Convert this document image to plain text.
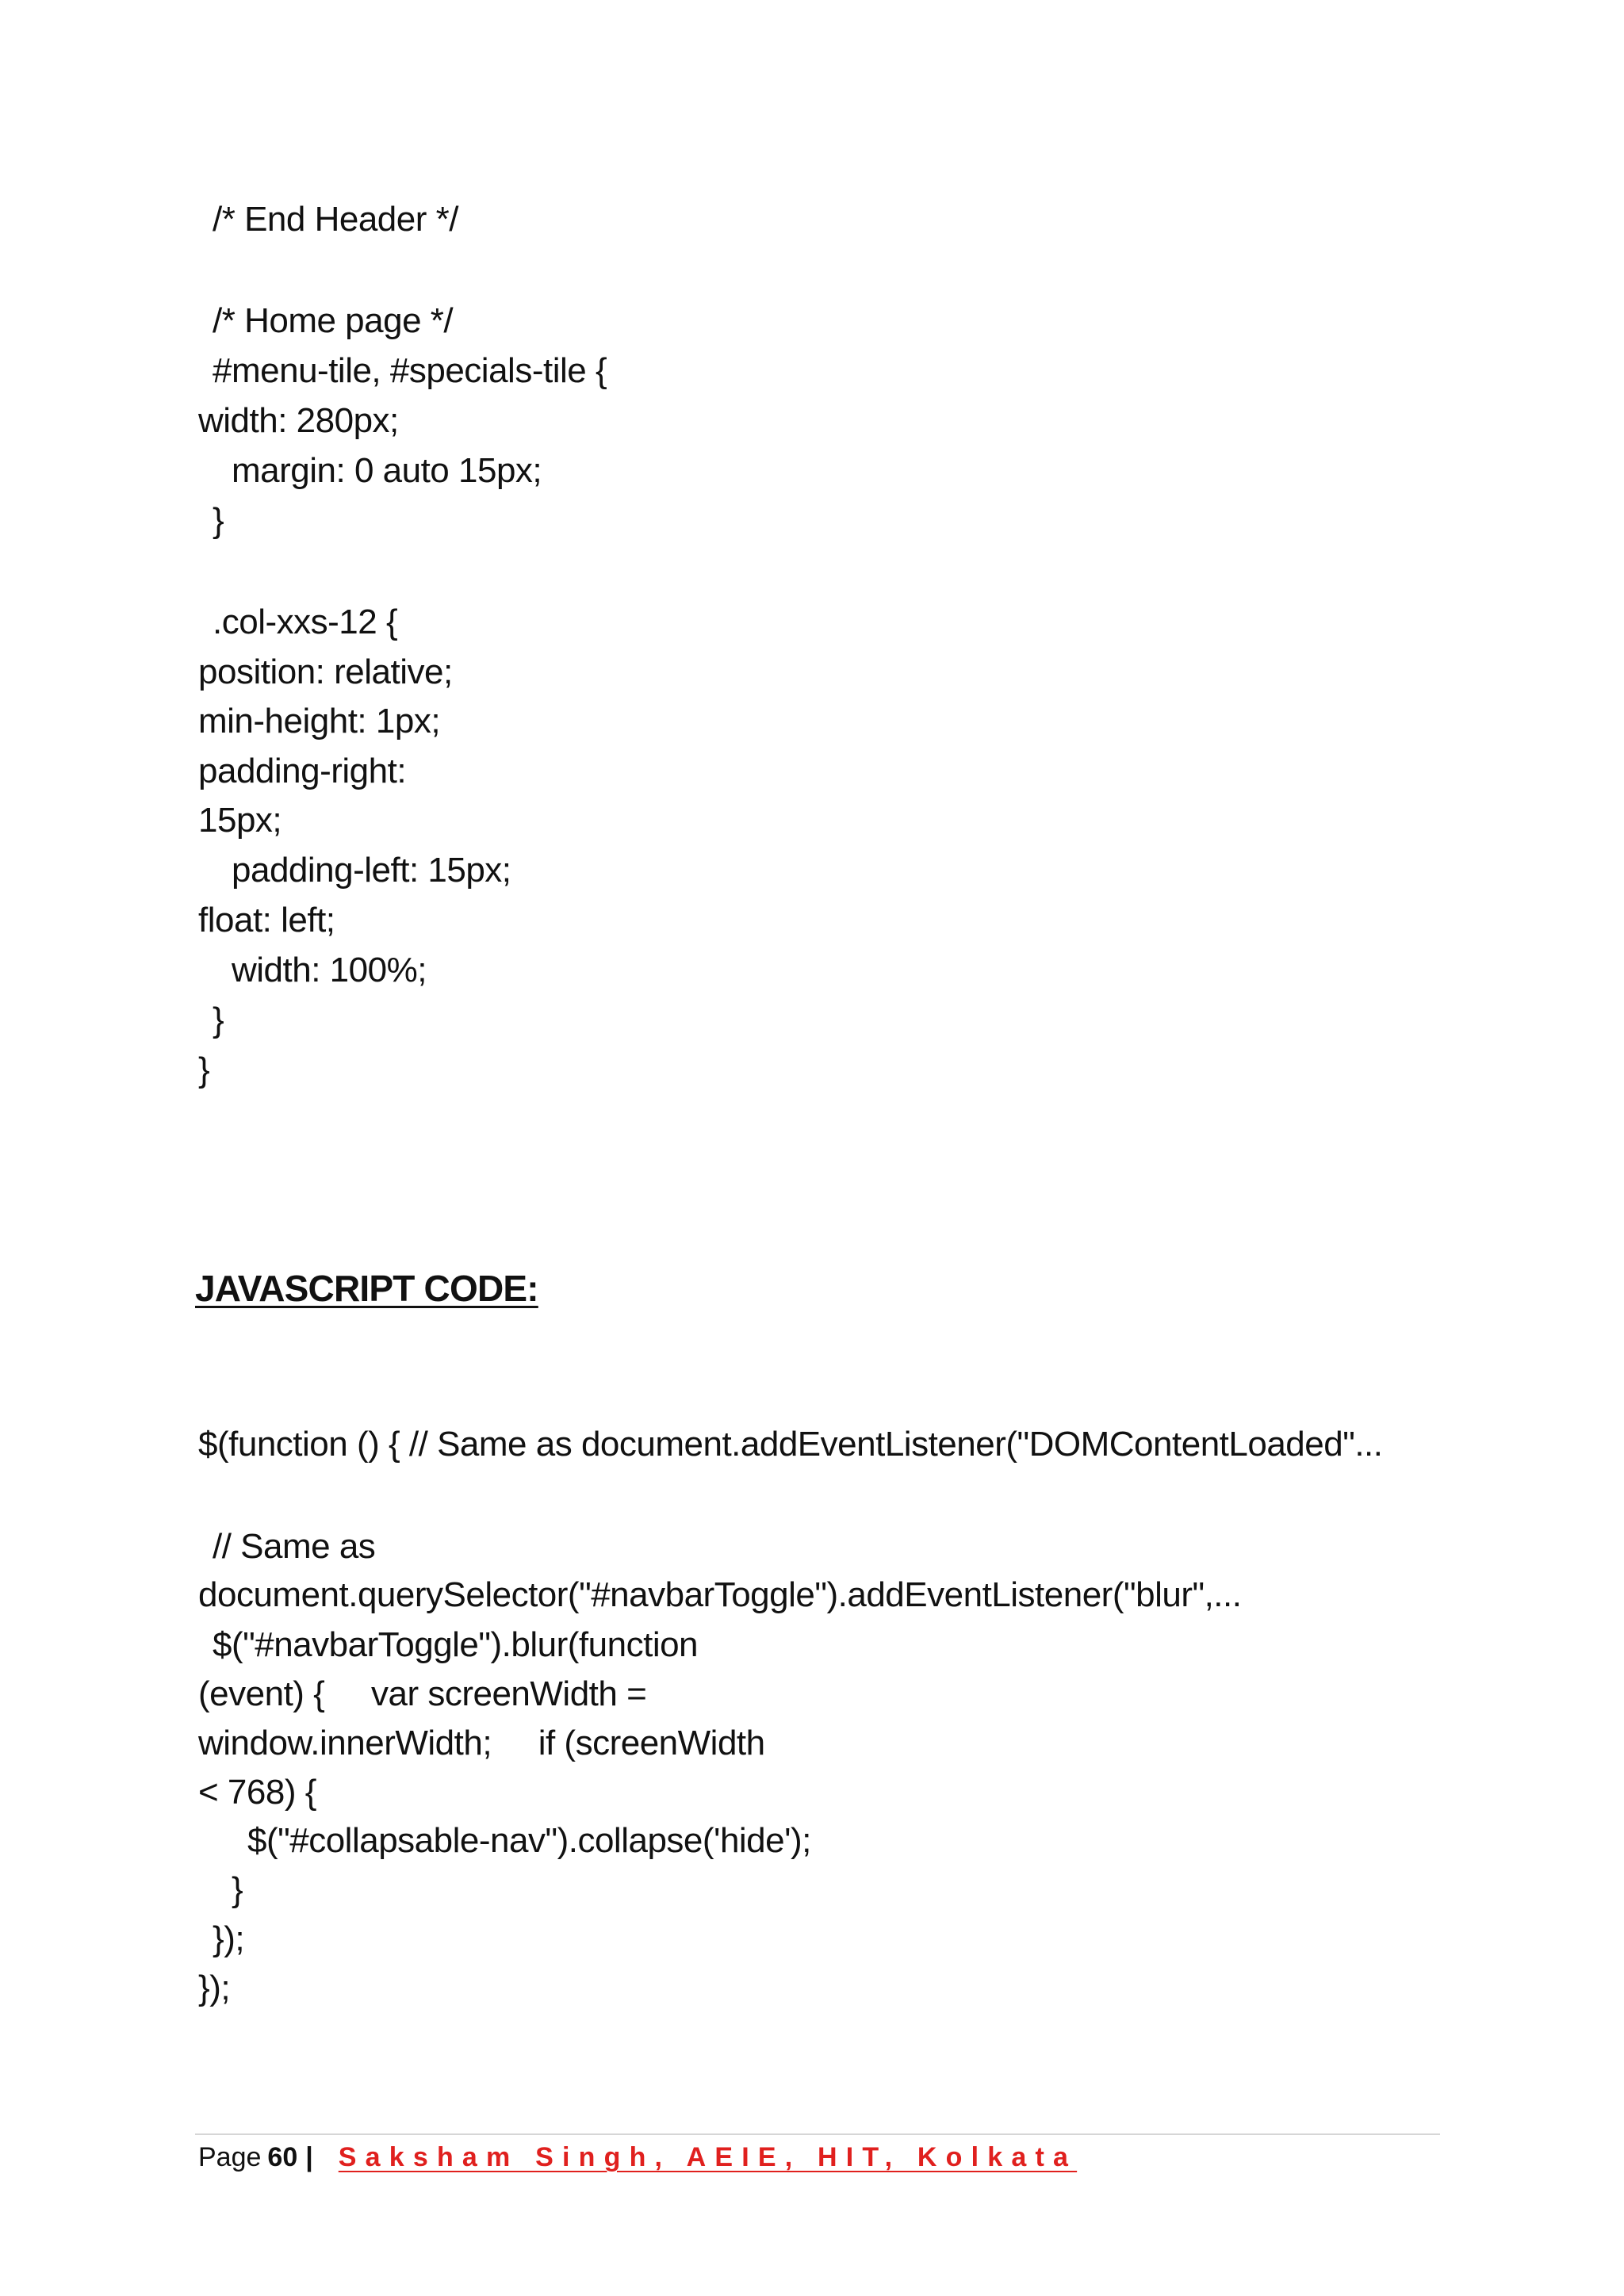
/* End Header */
/* Home page */
#menu-tile, #specials-tile {
width: 280px;
margin: 0 auto 15px;
}
.col-xxs-12 {
position: relative;
min-height: 1px;
padding-right:
15px;
padding-left: 15px;
float: left;
width: 100%;
}
}
JAVASCRIPT CODE:
$(function () { // Same as document.addEventListener("DOMContentLoaded"...
// Same as
document.querySelector("#navbarToggle").addEventListener("blur",...
$("#navbarToggle").blur(function
(event) {     var screenWidth =
window.innerWidth;     if (screenWidth
< 768) {
$("#collapsable-nav").collapse('hide');
}
});
});
Page 60 | Saksham Singh, AEIE, HIT, Kolkata
